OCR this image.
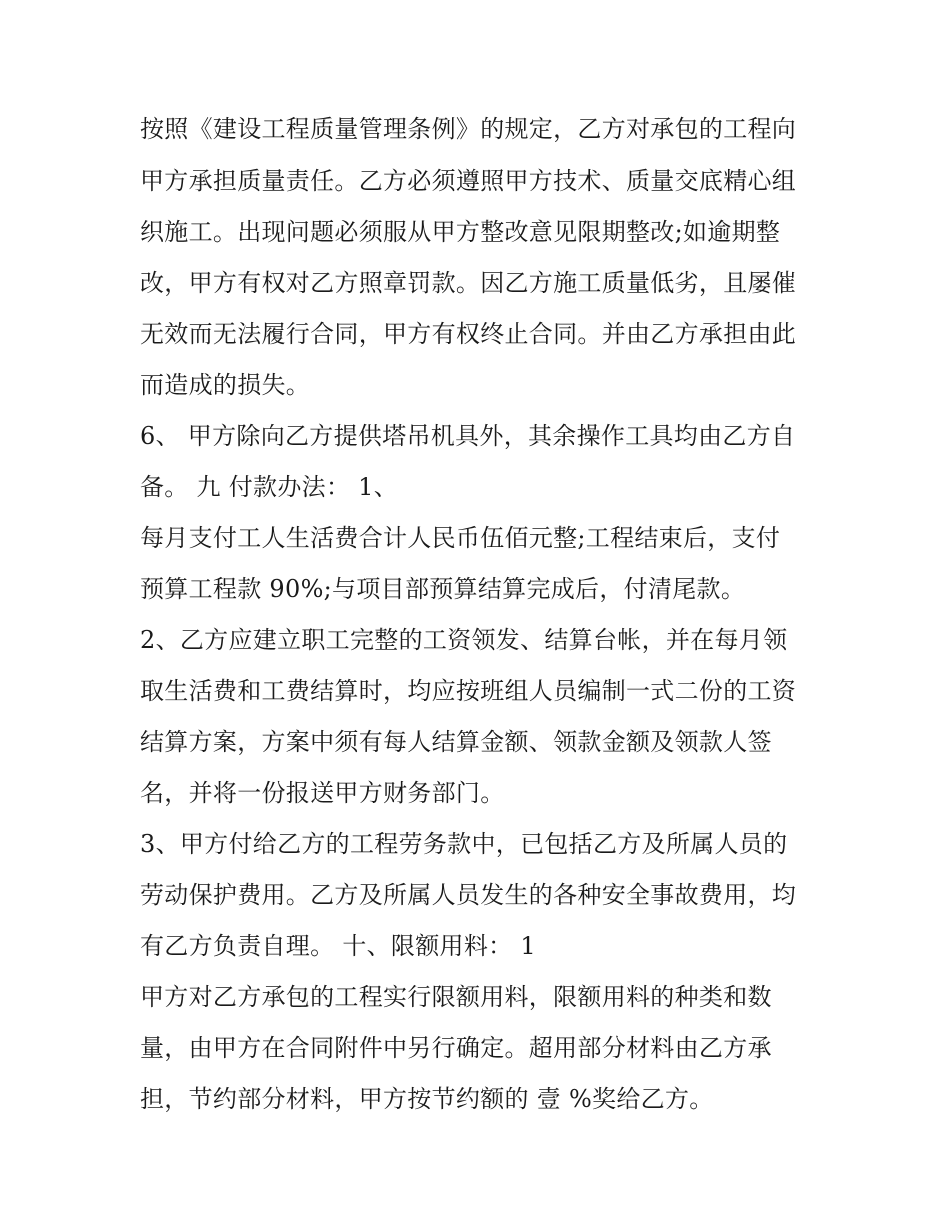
按照《建设工程质量管理条例》的规定，乙方对承包的工程向
甲方承担质量责任。乙方必须遵照甲方技术、质量交底精心组
织施工。出现问题必须服从甲方整改意见限期整改;如逾期整
改，甲方有权对乙方照章罚款。因乙方施工质量低劣，且屡催
无效而无法履行合同，甲方有权终止合同。并由乙方承担由此
而造成的损失。
6、 甲方除向乙方提供塔吊机具外，其余操作工具均由乙方自
备。 九 付款办法： 1、
每月支付工人生活费合计人民币伍佰元整;工程结束后，支付
预算工程款 90%;与项目部预算结算完成后，付清尾款。
2、乙方应建立职工完整的工资领发、结算台帐，并在每月领
取生活费和工费结算时，均应按班组人员编制一式二份的工资
结算方案，方案中须有每人结算金额、领款金额及领款人签
名，并将一份报送甲方财务部门。
3、甲方付给乙方的工程劳务款中，已包括乙方及所属人员的
劳动保护费用。乙方及所属人员发生的各种安全事故费用，均
有乙方负责自理。 十、限额用料： 1
甲方对乙方承包的工程实行限额用料，限额用料的种类和数
量，由甲方在合同附件中另行确定。超用部分材料由乙方承
担，节约部分材料，甲方按节约额的 壹 %奖给乙方。
